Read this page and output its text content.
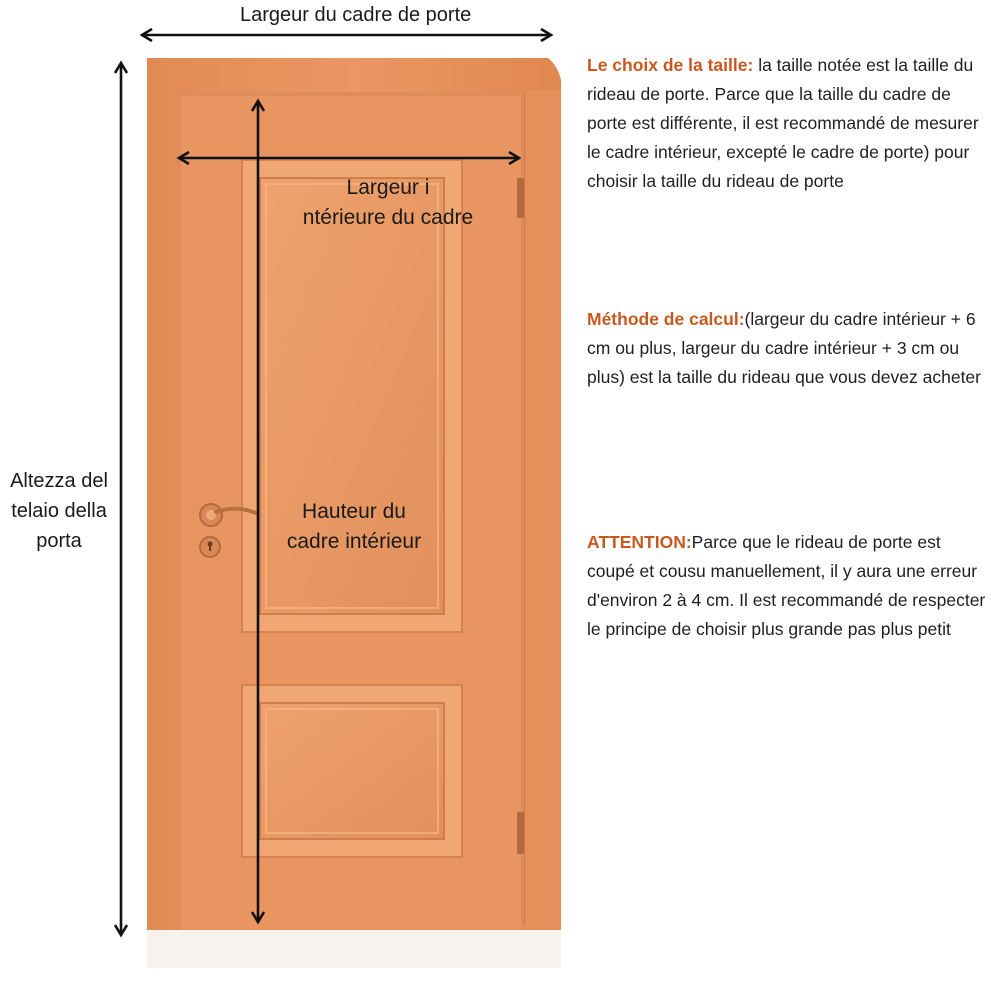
Largeur du cadre de porte
Largeur i
ntérieure du cadre
Hauteur du
cadre intérieur
Altezza del
telaio della
porta
Le choix de la taille: la taille notée est la taille du rideau de porte. Parce que la taille du cadre de porte est différente, il est recommandé de mesurer le cadre intérieur, excepté le cadre de porte) pour choisir la taille du rideau de porte
Méthode de calcul:(largeur du cadre intérieur + 6 cm ou plus, largeur du cadre intérieur + 3 cm ou plus) est la taille du rideau que vous devez acheter
ATTENTION:Parce que le rideau de porte est coupé et cousu manuellement, il y aura une erreur d'environ 2 à 4 cm. Il est recommandé de respecter le principe de choisir plus grande pas plus petit
